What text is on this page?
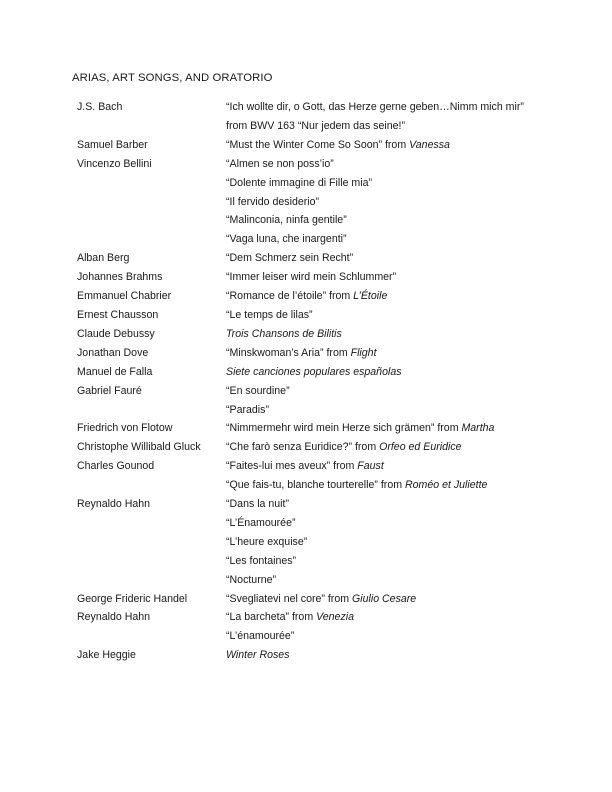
ARIAS, ART SONGS, AND ORATORIO
J.S. Bach	“Ich wollte dir, o Gott, das Herze gerne geben…Nimm mich mir” from BWV 163 “Nur jedem das seine!”
Samuel Barber	“Must the Winter Come So Soon” from Vanessa
Vincenzo Bellini	“Almen se non poss’io”
“Dolente immagine di Fille mia”
“Il fervido desiderio”
“Malinconia, ninfa gentile”
“Vaga luna, che inargenti”
Alban Berg	“Dem Schmerz sein Recht”
Johannes Brahms	“Immer leiser wird mein Schlummer”
Emmanuel Chabrier	“Romance de l’étoile” from L’Étoile
Ernest Chausson	“Le temps de lilas”
Claude Debussy	Trois Chansons de Bilitis
Jonathan Dove	“Minskwoman’s Aria” from Flight
Manuel de Falla	Siete canciones populares españolas
Gabriel Fauré	“En sourdine”
“Paradis”
Friedrich von Flotow	“Nimmermehr wird mein Herze sich grämen” from Martha
Christophe Willibald Gluck	“Che farò senza Euridice?” from Orfeo ed Euridice
Charles Gounod	“Faites-lui mes aveux” from Faust
“Que fais-tu, blanche tourterelle” from Roméo et Juliette
Reynaldo Hahn	“Dans la nuit”
“L’Énamourée”
“L’heure exquise”
“Les fontaines”
“Nocturne”
George Frideric Handel	“Svegliatevi nel core” from Giulio Cesare
Reynaldo Hahn	“La barcheta” from Venezia
“L’énamourée”
Jake Heggie	Winter Roses
